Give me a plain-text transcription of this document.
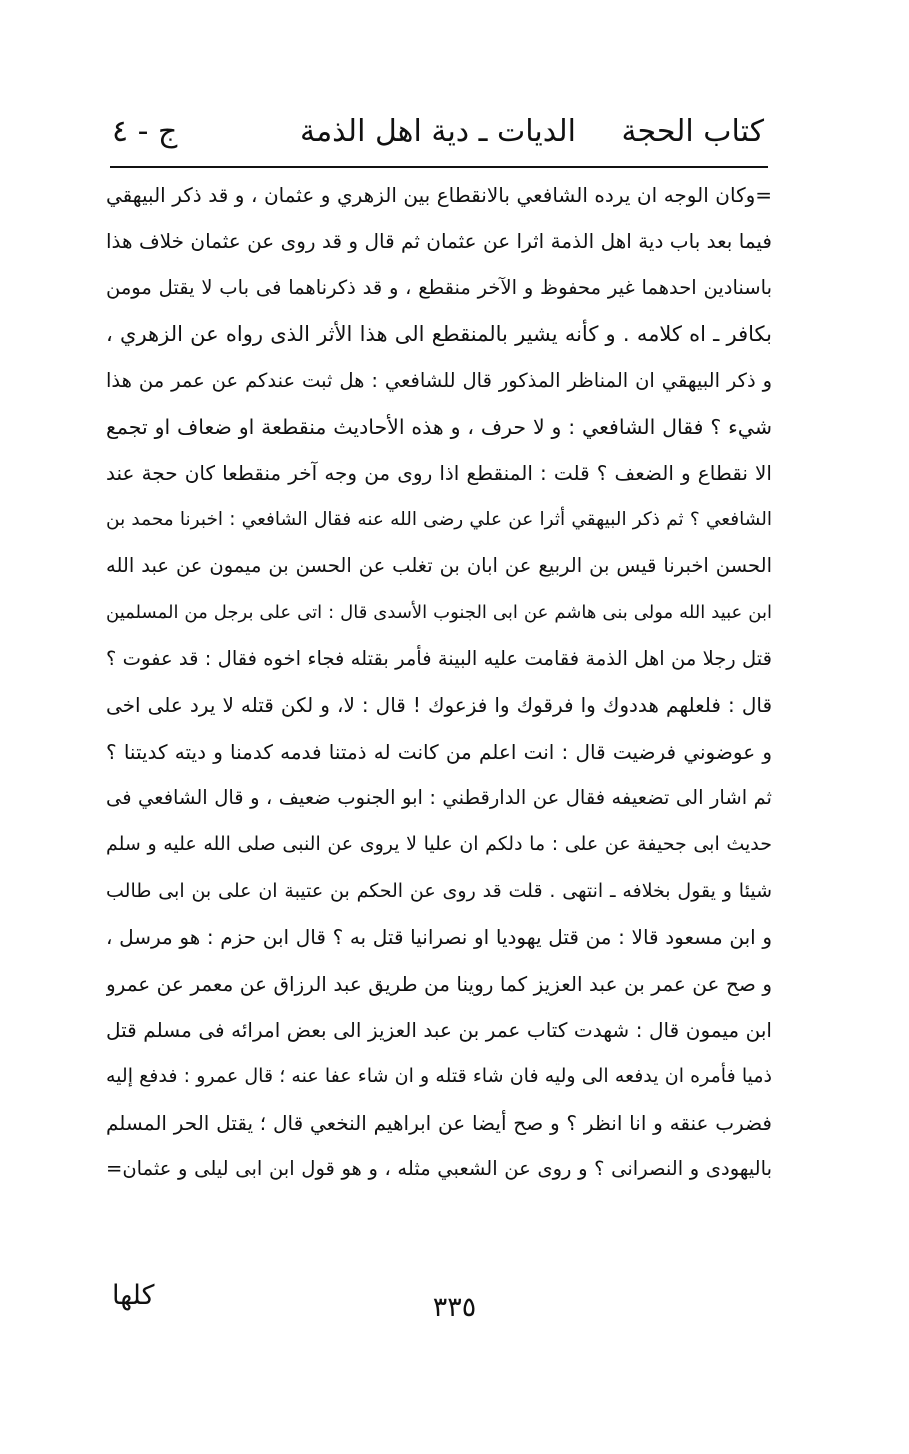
كتاب الحجة
الديات ـ دية اهل الذمة
ج - ٤
=وكان الوجه ان يرده الشافعي بالانقطاع بين الزهري و عثمان ، و قد ذكر البيهقي
فيما بعد باب دية اهل الذمة اثرا عن عثمان ثم قال و قد روى عن عثمان خلاف هذا
باسنادين احدهما غير محفوظ و الآخر منقطع ، و قد ذكرناهما فى باب لا يقتل مومن
بكافر ـ اه كلامه . و كأنه يشير بالمنقطع الى هذا الأثر الذى رواه عن الزهري ،
و ذكر البيهقي ان المناظر المذكور قال للشافعي : هل ثبت عندكم عن عمر من هذا
شيء ؟ فقال الشافعي : و لا حرف ، و هذه الأحاديث منقطعة او ضعاف او تجمع
الا نقطاع و الضعف ؟ قلت : المنقطع اذا روى من وجه آخر منقطعا كان حجة عند
الشافعي ؟ ثم ذكر البيهقي أثرا عن علي رضى الله عنه فقال الشافعي : اخبرنا محمد بن
الحسن اخبرنا قيس بن الربيع عن ابان بن تغلب عن الحسن بن ميمون عن عبد الله
ابن عبيد الله مولى بنى هاشم عن ابى الجنوب الأسدى قال : اتى على برجل من المسلمين
قتل رجلا من اهل الذمة فقامت عليه البينة فأمر بقتله فجاء اخوه فقال : قد عفوت ؟
قال : فلعلهم هددوك وا فرقوك وا فزعوك ! قال : لا، و لكن قتله لا يرد على اخى
و عوضوني فرضيت قال : انت اعلم من كانت له ذمتنا فدمه كدمنا و ديته كديتنا ؟
ثم اشار الى تضعيفه فقال عن الدارقطني : ابو الجنوب ضعيف ، و قال الشافعي فى
حديث ابى جحيفة عن على : ما دلكم ان عليا لا يروى عن النبى صلى الله عليه و سلم
شيئا و يقول بخلافه ـ انتهى . قلت قد روى عن الحكم بن عتيبة ان على بن ابى طالب
و ابن مسعود قالا : من قتل يهوديا او نصرانيا قتل به ؟ قال ابن حزم : هو مرسل ،
و صح عن عمر بن عبد العزيز كما روينا من طريق عبد الرزاق عن معمر عن عمرو
ابن ميمون قال : شهدت كتاب عمر بن عبد العزيز الى بعض امرائه فى مسلم قتل
ذميا فأمره ان يدفعه الى وليه فان شاء قتله و ان شاء عفا عنه ؛ قال عمرو : فدفع إليه
فضرب عنقه و انا انظر ؟ و صح أيضا عن ابراهيم النخعي قال ؛ يقتل الحر المسلم
باليهودى و النصرانى ؟ و روى عن الشعبي مثله ، و هو قول ابن ابى ليلى و عثمان=
كلها	٣٣٥
